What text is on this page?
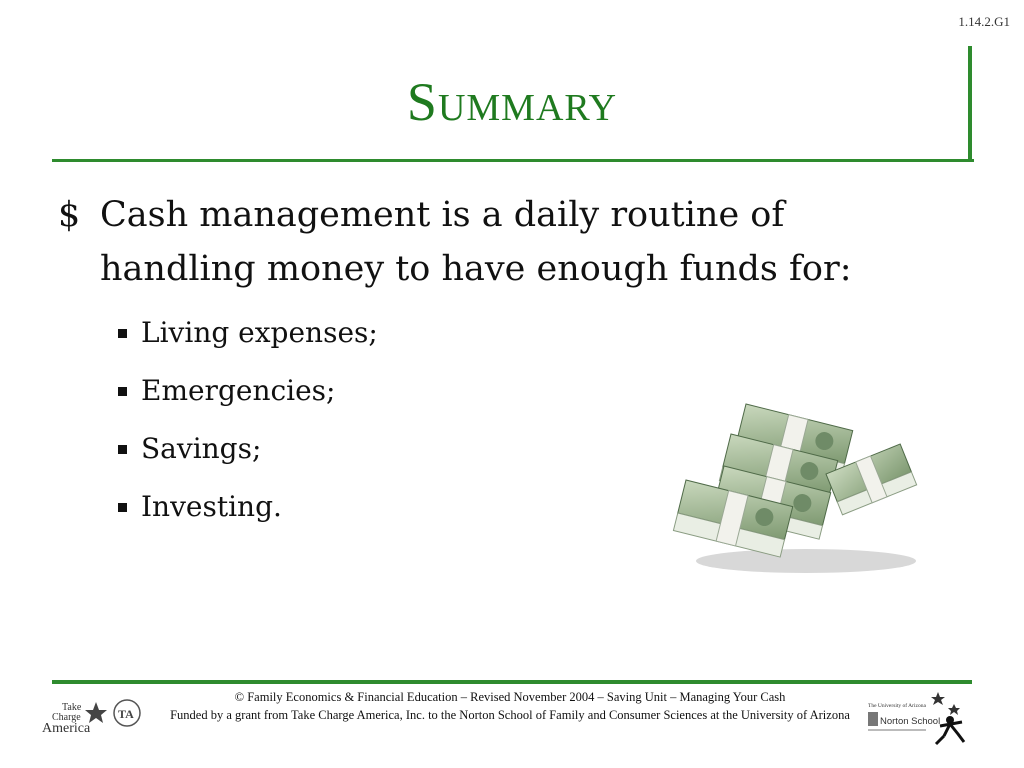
1.14.2.G1
Summary
$ Cash management is a daily routine of handling money to have enough funds for:
Living expenses;
Emergencies;
Savings;
Investing.
© Family Economics & Financial Education – Revised November 2004 – Saving Unit – Managing Your Cash
Funded by a grant from Take Charge America, Inc. to the Norton School of Family and Consumer Sciences at the University of Arizona
Take
Charge
America
TA
The University of Arizona
Norton School
